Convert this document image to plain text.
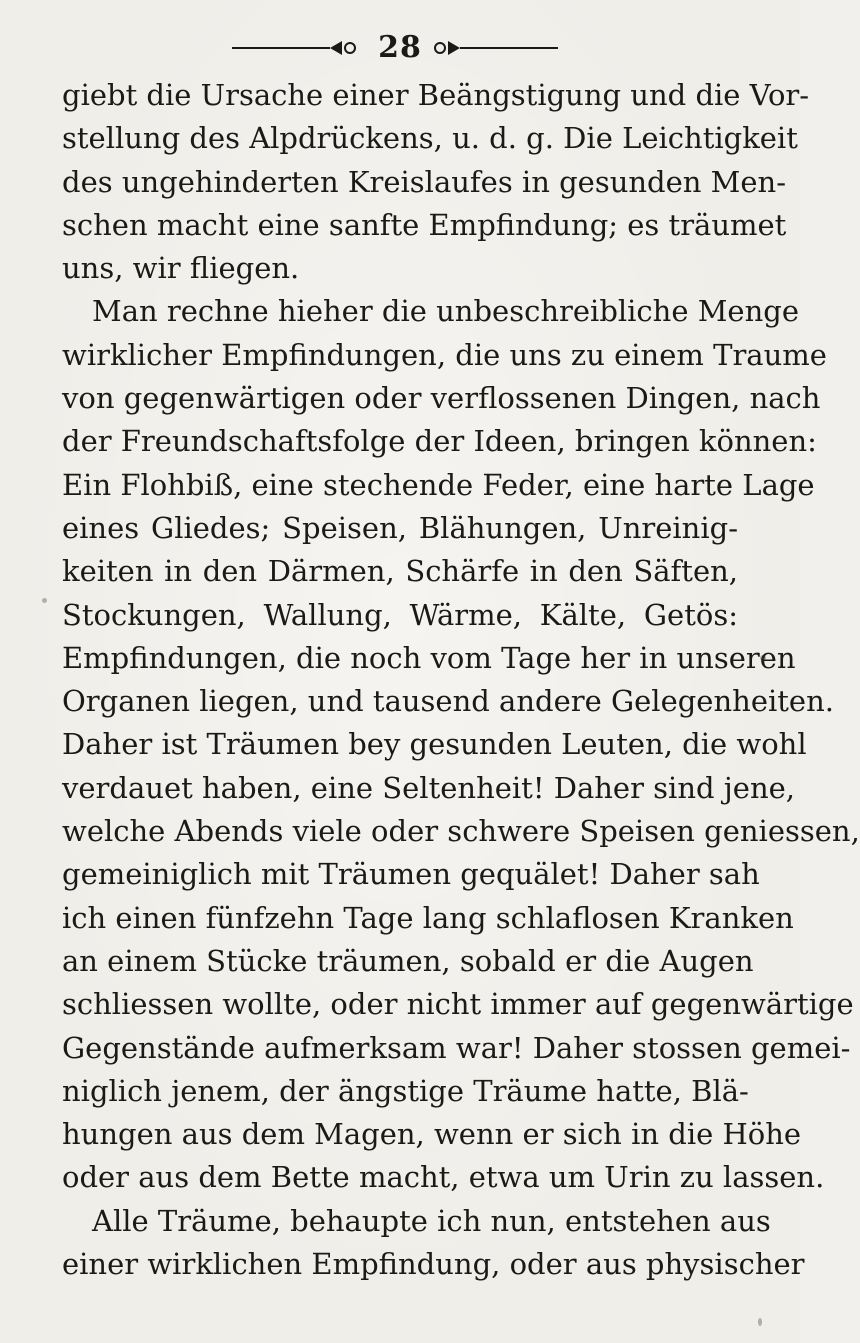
28
giebt die Ursache einer Beängstigung und die Vor-
stellung des Alpdrückens, u. d. g. Die Leichtigkeit
des ungehinderten Kreislaufes in gesunden Men-
schen macht eine sanfte Empfindung; es träumet
uns, wir fliegen.
Man rechne hieher die unbeschreibliche Menge
wirklicher Empfindungen, die uns zu einem Traume
von gegenwärtigen oder verflossenen Dingen, nach
der Freundschaftsfolge der Ideen, bringen können:
Ein Flohbiß, eine stechende Feder, eine harte Lage
eines Gliedes; Speisen, Blähungen, Unreinig-
keiten in den Därmen, Schärfe in den Säften,
Stockungen, Wallung, Wärme, Kälte, Getös:
Empfindungen, die noch vom Tage her in unseren
Organen liegen, und tausend andere Gelegenheiten.
Daher ist Träumen bey gesunden Leuten, die wohl
verdauet haben, eine Seltenheit! Daher sind jene,
welche Abends viele oder schwere Speisen geniessen,
gemeiniglich mit Träumen gequälet! Daher sah
ich einen fünfzehn Tage lang schlaflosen Kranken
an einem Stücke träumen, sobald er die Augen
schliessen wollte, oder nicht immer auf gegenwärtige
Gegenstände aufmerksam war! Daher stossen gemei-
niglich jenem, der ängstige Träume hatte, Blä-
hungen aus dem Magen, wenn er sich in die Höhe
oder aus dem Bette macht, etwa um Urin zu lassen.
Alle Träume, behaupte ich nun, entstehen aus
einer wirklichen Empfindung, oder aus physischer
